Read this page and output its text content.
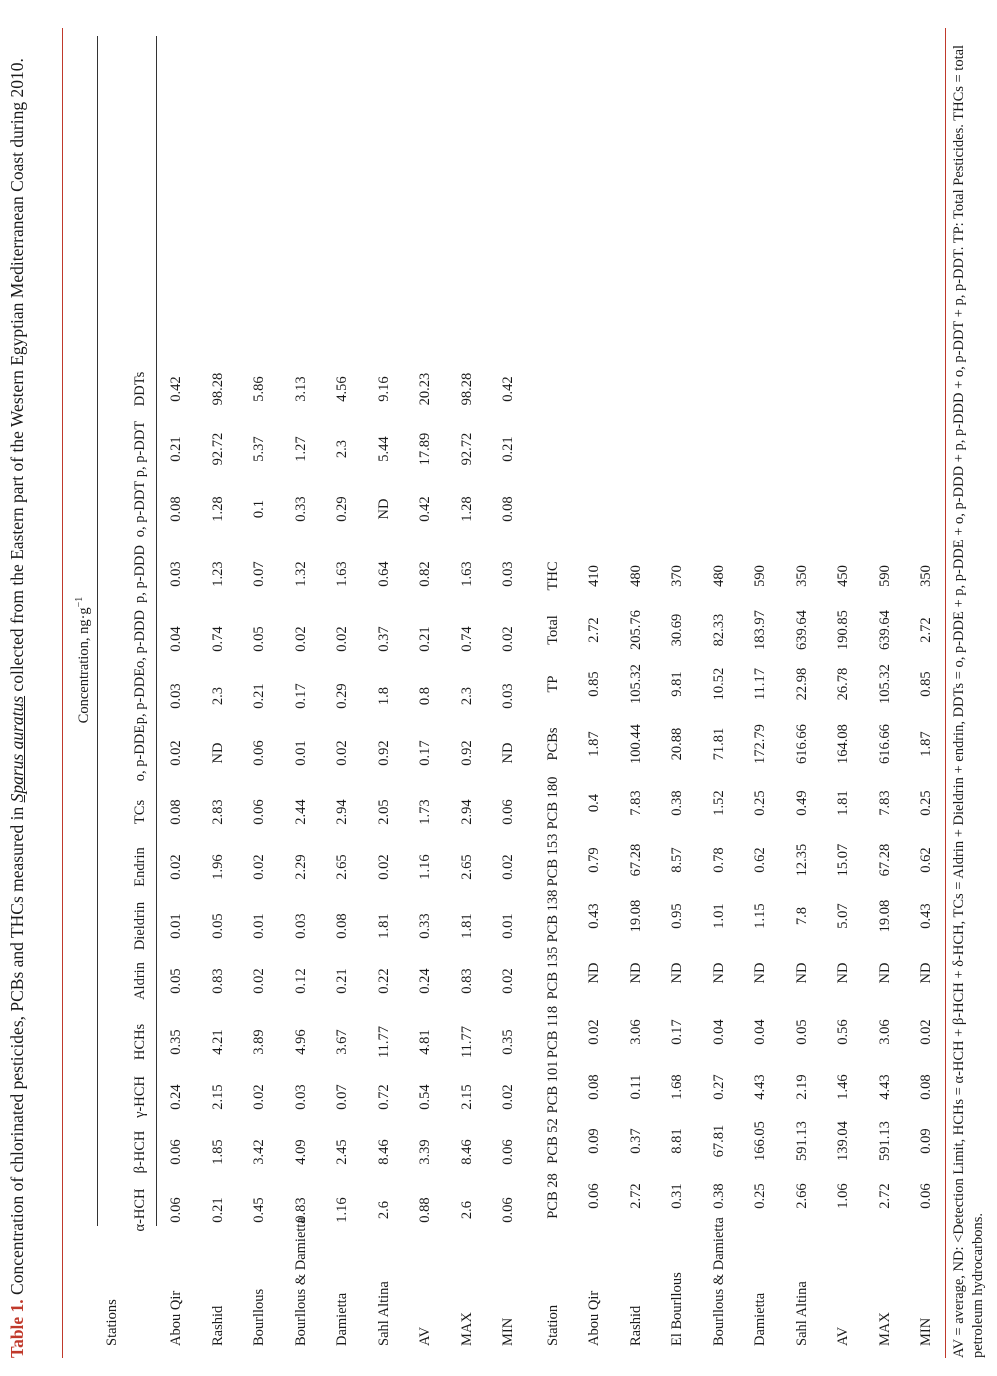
Table 1. Concentration of chlorinated pesticides, PCBs and THCs measured in Sparus auratus collected from the Eastern part of the Western Egyptian Mediterranean Coast during 2010.
Stations
Concentration, $ng\cdot g^{-1}$
α-HCH
β-HCH
γ-HCH
HCHs
Aldrin
Dieldrin
Endrin
TCs
o, p-DDE
p, p-DDE
o, p-DDD
p, p-DDD
o, p-DDT
p, p-DDT
DDTs
Abou Qir
0.06
0.06
0.24
0.35
0.05
0.01
0.02
0.08
0.02
0.03
0.04
0.03
0.08
0.21
0.42
Rashid
0.21
1.85
2.15
4.21
0.83
0.05
1.96
2.83
ND
2.3
0.74
1.23
1.28
92.72
98.28
Bourllous
0.45
3.42
0.02
3.89
0.02
0.01
0.02
0.06
0.06
0.21
0.05
0.07
0.1
5.37
5.86
Bourllous & Damietta
0.83
4.09
0.03
4.96
0.12
0.03
2.29
2.44
0.01
0.17
0.02
1.32
0.33
1.27
3.13
Damietta
1.16
2.45
0.07
3.67
0.21
0.08
2.65
2.94
0.02
0.29
0.02
1.63
0.29
2.3
4.56
Sahl Altina
2.6
8.46
0.72
11.77
0.22
1.81
0.02
2.05
0.92
1.8
0.37
0.64
ND
5.44
9.16
AV
0.88
3.39
0.54
4.81
0.24
0.33
1.16
1.73
0.17
0.8
0.21
0.82
0.42
17.89
20.23
MAX
2.6
8.46
2.15
11.77
0.83
1.81
2.65
2.94
0.92
2.3
0.74
1.63
1.28
92.72
98.28
MIN
0.06
0.06
0.02
0.35
0.02
0.01
0.02
0.06
ND
0.03
0.02
0.03
0.08
0.21
0.42
Station
PCB 28
PCB 52
PCB 101
PCB 118
PCB 135
PCB 138
PCB 153
PCB 180
PCBs
TP
Total
THC
Abou Qir
0.06
0.09
0.08
0.02
ND
0.43
0.79
0.4
1.87
0.85
2.72
410
Rashid
2.72
0.37
0.11
3.06
ND
19.08
67.28
7.83
100.44
105.32
205.76
480
El Bourllous
0.31
8.81
1.68
0.17
ND
0.95
8.57
0.38
20.88
9.81
30.69
370
Bourllous & Damietta
0.38
67.81
0.27
0.04
ND
1.01
0.78
1.52
71.81
10.52
82.33
480
Damietta
0.25
166.05
4.43
0.04
ND
1.15
0.62
0.25
172.79
11.17
183.97
590
Sahl Altina
2.66
591.13
2.19
0.05
ND
7.8
12.35
0.49
616.66
22.98
639.64
350
AV
1.06
139.04
1.46
0.56
ND
5.07
15.07
1.81
164.08
26.78
190.85
450
MAX
2.72
591.13
4.43
3.06
ND
19.08
67.28
7.83
616.66
105.32
639.64
590
MIN
0.06
0.09
0.08
0.02
ND
0.43
0.62
0.25
1.87
0.85
2.72
350 AV = average, ND: <Detection Limit, HCHs = α-HCH + β-HCH + δ-HCH, TCs = Aldrin + Dieldrin + endrin, DDTs = o, p-DDE + p, p-DDE + o, p-DDD + p, p-DDD + o, p-DDT + p, p-DDT. TP: Total Pesticides. THCs = total petroleum hydrocarbons.
